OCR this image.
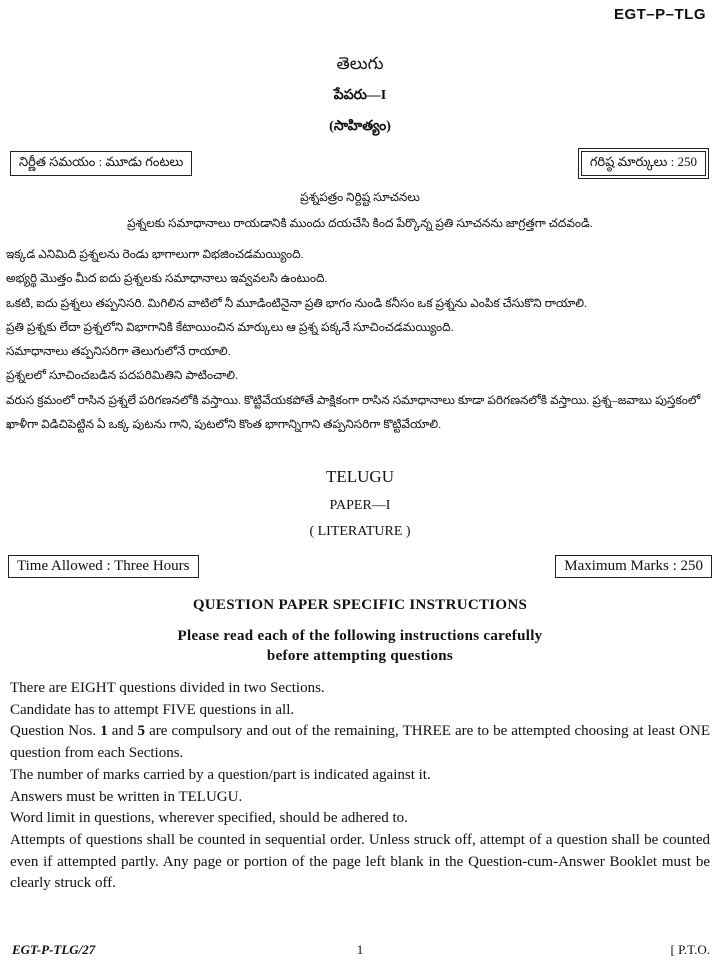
EGT–P–TLG
తెలుగు
పేపరు—I
(సాహిత్యం)
నిర్ణీత సమయం : మూడు గంటలు	గరిష్ఠ మార్కులు : 250
ప్రశ్నపత్రం నిర్దిష్ట సూచనలు
ప్రశ్నలకు సమాధానాలు రాయడానికి ముందు దయచేసి కింద పేర్కొన్న ప్రతి సూచనను జాగ్రత్తగా చదవండి.
ఇక్కడ ఎనిమిది ప్రశ్నలను రెండు భాగాలుగా విభజించడమయ్యింది.
అభ్యర్థి మొత్తం మీద ఐదు ప్రశ్నలకు సమాధానాలు ఇవ్వవలసి ఉంటుంది.
ఒకటి, ఐదు ప్రశ్నలు తప్పనిసరి. మిగిలిన వాటిలో నీ మూడింటినైనా ప్రతి భాగం నుండి కనీసం ఒక ప్రశ్నను ఎంపిక చేసుకొని రాయాలి.
ప్రతి ప్రశ్నకు లేదా ప్రశ్నలోని విభాగానికి కేటాయించిన మార్కులు ఆ ప్రశ్న పక్కనే సూచించడమయ్యింది.
సమాధానాలు తప్పనిసరిగా తెలుగులోనే రాయాలి.
ప్రశ్నలలో సూచించబడిన పదపరిమితిని పాటించాలి.
వరుస క్రమంలో రాసిన ప్రశ్నలే పరిగణనలోకి వస్తాయి. కొట్టివేయకపోతే పాక్షికంగా రాసిన సమాధానాలు కూడా పరిగణనలోకి వస్తాయి. ప్రశ్న–జవాబు పుస్తకంలో ఖాళీగా విడిచిపెట్టిన ఏ ఒక్క పుటను గాని, పుటలోని కొంత భాగాన్నిగాని తప్పనిసరిగా కొట్టివేయాలి.
TELUGU
PAPER—I
( LITERATURE )
Time Allowed : Three Hours	Maximum Marks : 250
QUESTION PAPER SPECIFIC INSTRUCTIONS
Please read each of the following instructions carefully
before attempting questions
There are EIGHT questions divided in two Sections.
Candidate has to attempt FIVE questions in all.
Question Nos. 1 and 5 are compulsory and out of the remaining, THREE are to be attempted choosing at least ONE question from each Sections.
The number of marks carried by a question/part is indicated against it.
Answers must be written in TELUGU.
Word limit in questions, wherever specified, should be adhered to.
Attempts of questions shall be counted in sequential order. Unless struck off, attempt of a question shall be counted even if attempted partly. Any page or portion of the page left blank in the Question-cum-Answer Booklet must be clearly struck off.
EGT-P-TLG/27	1	[ P.T.O.
